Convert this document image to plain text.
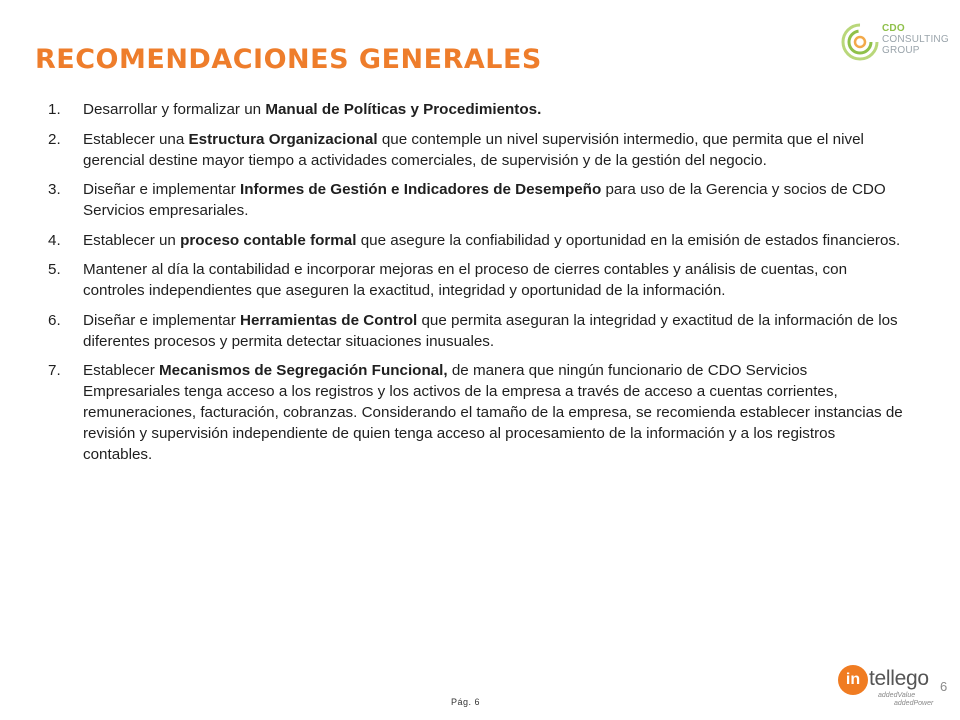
RECOMENDACIONES GENERALES
CDO
CONSULTING
GROUP
1. Desarrollar y formalizar un Manual de Políticas y Procedimientos.
2. Establecer una Estructura Organizacional que contemple un nivel supervisión intermedio, que permita que el nivel gerencial destine mayor tiempo a actividades comerciales, de supervisión y de la gestión del negocio.
3. Diseñar e implementar Informes de Gestión e Indicadores de Desempeño para uso de la Gerencia y socios de CDO Servicios empresariales.
4. Establecer un proceso contable formal que asegure la confiabilidad y oportunidad en la emisión de estados financieros.
5. Mantener al día la contabilidad e incorporar mejoras en el proceso de cierres contables y análisis de cuentas, con controles independientes que aseguren la exactitud, integridad y oportunidad de la información.
6. Diseñar e implementar Herramientas de Control que permita aseguran la integridad y exactitud de la información de los diferentes procesos y permita detectar situaciones inusuales.
7. Establecer Mecanismos de Segregación Funcional, de manera que ningún funcionario de CDO Servicios Empresariales tenga acceso a los registros y los activos de la empresa a través de acceso a cuentas corrientes, remuneraciones, facturación, cobranzas. Considerando el tamaño de la empresa, se recomienda establecer instancias de revisión y supervisión independiente de quien tenga acceso al procesamiento de la información y a los registros contables.
in tellego
addedValue
addedPower
Pág. 6
6
